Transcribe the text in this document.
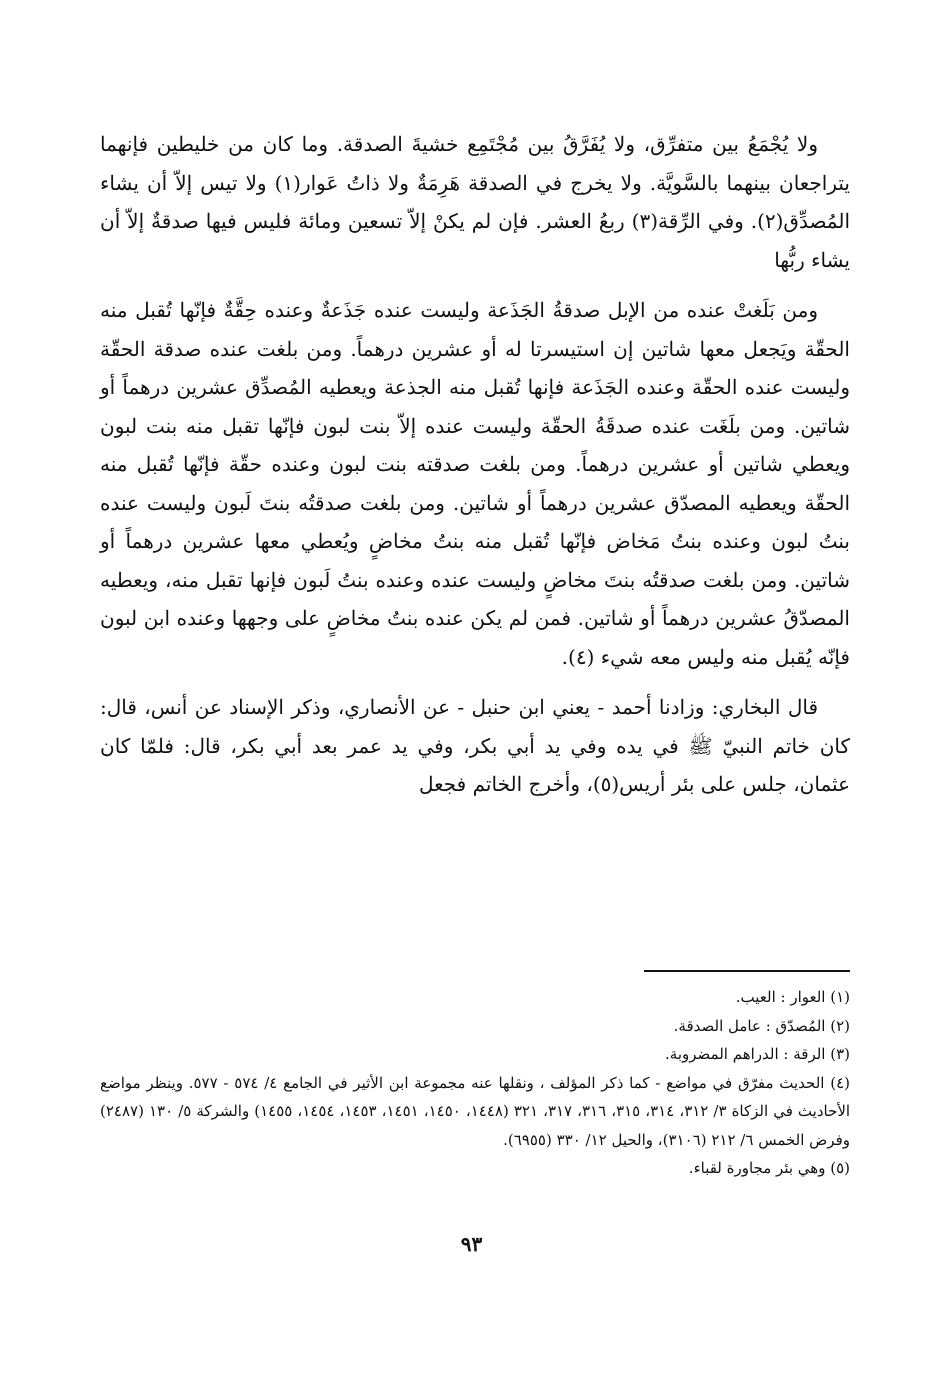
ولا يُجْمَعُ بين متفرِّق، ولا يُفَرَّقُ بين مُجْتَمِع خشيةَ الصدقة. وما كان من خليطين فإنهما يتراجعان بينهما بالسَّويَّة. ولا يخرج في الصدقة هَرِمَةٌ ولا ذاتُ عَوار(١) ولا تيس إلاّ أن يشاء المُصدِّق(٢). وفي الرِّقة(٣) ربعُ العشر. فإن لم يكنْ إلاّ تسعين ومائة فليس فيها صدقةٌ إلاّ أن يشاء ربُّها

ومن بَلَغتْ عنده من الإبل صدقةُ الجَذَعة وليست عنده جَذَعةٌ وعنده حِقَّةٌ فإنّها تُقبل منه الحقّة ويَجعل معها شاتين إن استيسرتا له أو عشرين درهماً. ومن بلغت عنده صدقة الحقّة وليست عنده الحقّة وعنده الجَذَعة فإنها تُقبل منه الجذعة ويعطيه المُصدِّق عشرين درهماً أو شاتين. ومن بلَغَت عنده صدقَةُ الحقّة وليست عنده إلاّ بنت لبون فإنّها تقبل منه بنت لبون ويعطي شاتين أو عشرين درهماً. ومن بلغت صدقته بنت لبون وعنده حقّة فإنّها تُقبل منه الحقّة ويعطيه المصدّق عشرين درهماً أو شاتين. ومن بلغت صدقتُه بنتَ لَبون وليست عنده بنتُ لبون وعنده بنتُ مَخاض فإنّها تُقبل منه بنتُ مخاضٍ ويُعطي معها عشرين درهماً أو شاتين. ومن بلغت صدقتُه بنتَ مخاضٍ وليست عنده وعنده بنتُ لَبون فإنها تقبل منه، ويعطيه المصدّقُ عشرين درهماً أو شاتين. فمن لم يكن عنده بنتُ مخاضٍ على وجهها وعنده ابن لبون فإنّه يُقبل منه وليس معه شيء (٤).

قال البخاري: وزادنا أحمد - يعني ابن حنبل - عن الأنصاري، وذكر الإسناد عن أنس، قال: كان خاتم النبيّ ﷺ في يده وفي يد أبي بكر، وفي يد عمر بعد أبي بكر، قال: فلمّا كان عثمان، جلس على بئر أريس(٥)، وأخرج الخاتم فجعل

(١) العوار : العيب.

(٢) المُصدّق : عامل الصدقة.

(٣) الرقة : الدراهم المضروبة.

(٤) الحديث مفرّق في مواضع - كما ذكر المؤلف ، ونقلها عنه مجموعة ابن الأثير في الجامع ٤/ ٥٧٤ - ٥٧٧. وينظر مواضع الأحاديث في الزكاة ٣/ ٣١٢، ٣١٤، ٣١٥، ٣١٦، ٣١٧، ٣٢١ (١٤٤٨، ١٤٥٠، ١٤٥١، ١٤٥٣، ١٤٥٤، ١٤٥٥) والشركة ٥/ ١٣٠ (٢٤٨٧) وفرض الخمس ٦/ ٢١٢ (٣١٠٦)، والحيل ١٢/ ٣٣٠ (٦٩٥٥).

(٥) وهي بئر مجاورة لقباء.

٩٣
